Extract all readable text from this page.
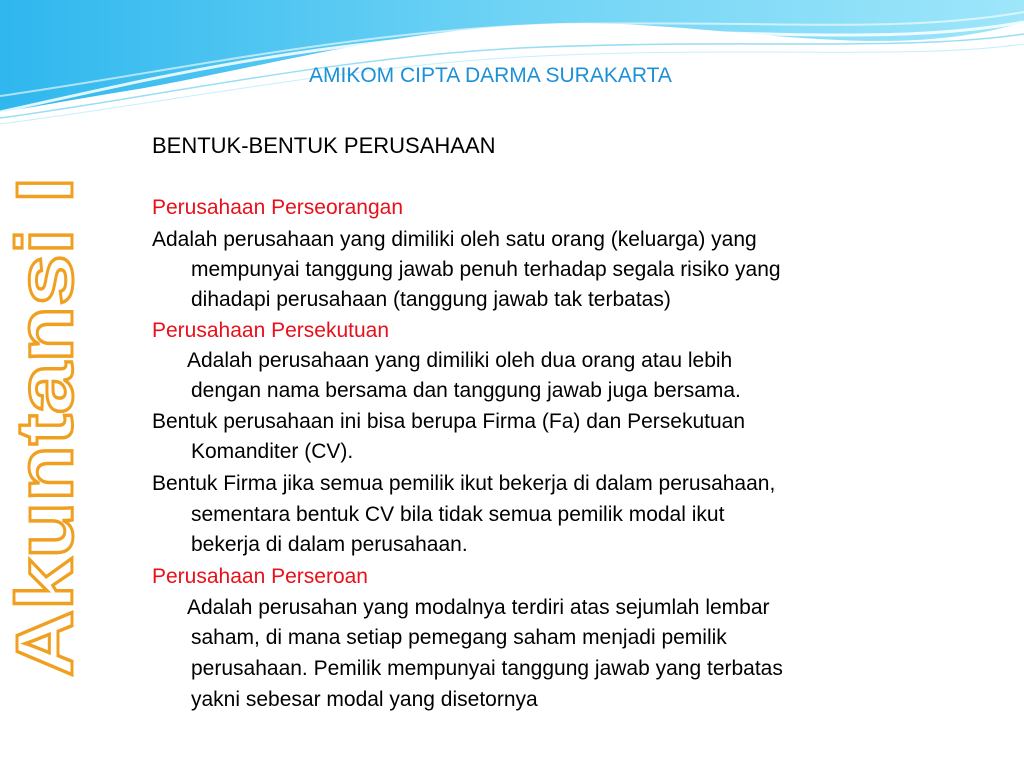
Akuntansi I
AMIKOM CIPTA DARMA SURAKARTA
BENTUK-BENTUK PERUSAHAAN
Perusahaan Perseorangan
Adalah perusahaan yang dimiliki oleh satu orang (keluarga) yang
mempunyai tanggung jawab penuh terhadap segala risiko yang
dihadapi perusahaan (tanggung jawab tak terbatas)
Perusahaan Persekutuan
Adalah perusahaan yang dimiliki oleh dua orang atau lebih
dengan nama bersama dan tanggung jawab juga bersama.
Bentuk perusahaan ini bisa berupa Firma (Fa) dan Persekutuan
Komanditer (CV).
Bentuk Firma jika semua pemilik ikut bekerja di dalam perusahaan,
sementara bentuk CV bila tidak semua pemilik modal ikut
bekerja di dalam perusahaan.
Perusahaan Perseroan
Adalah perusahan yang modalnya terdiri atas sejumlah lembar
saham, di mana setiap pemegang saham menjadi pemilik
perusahaan. Pemilik mempunyai tanggung jawab yang terbatas
yakni sebesar modal yang disetornya
